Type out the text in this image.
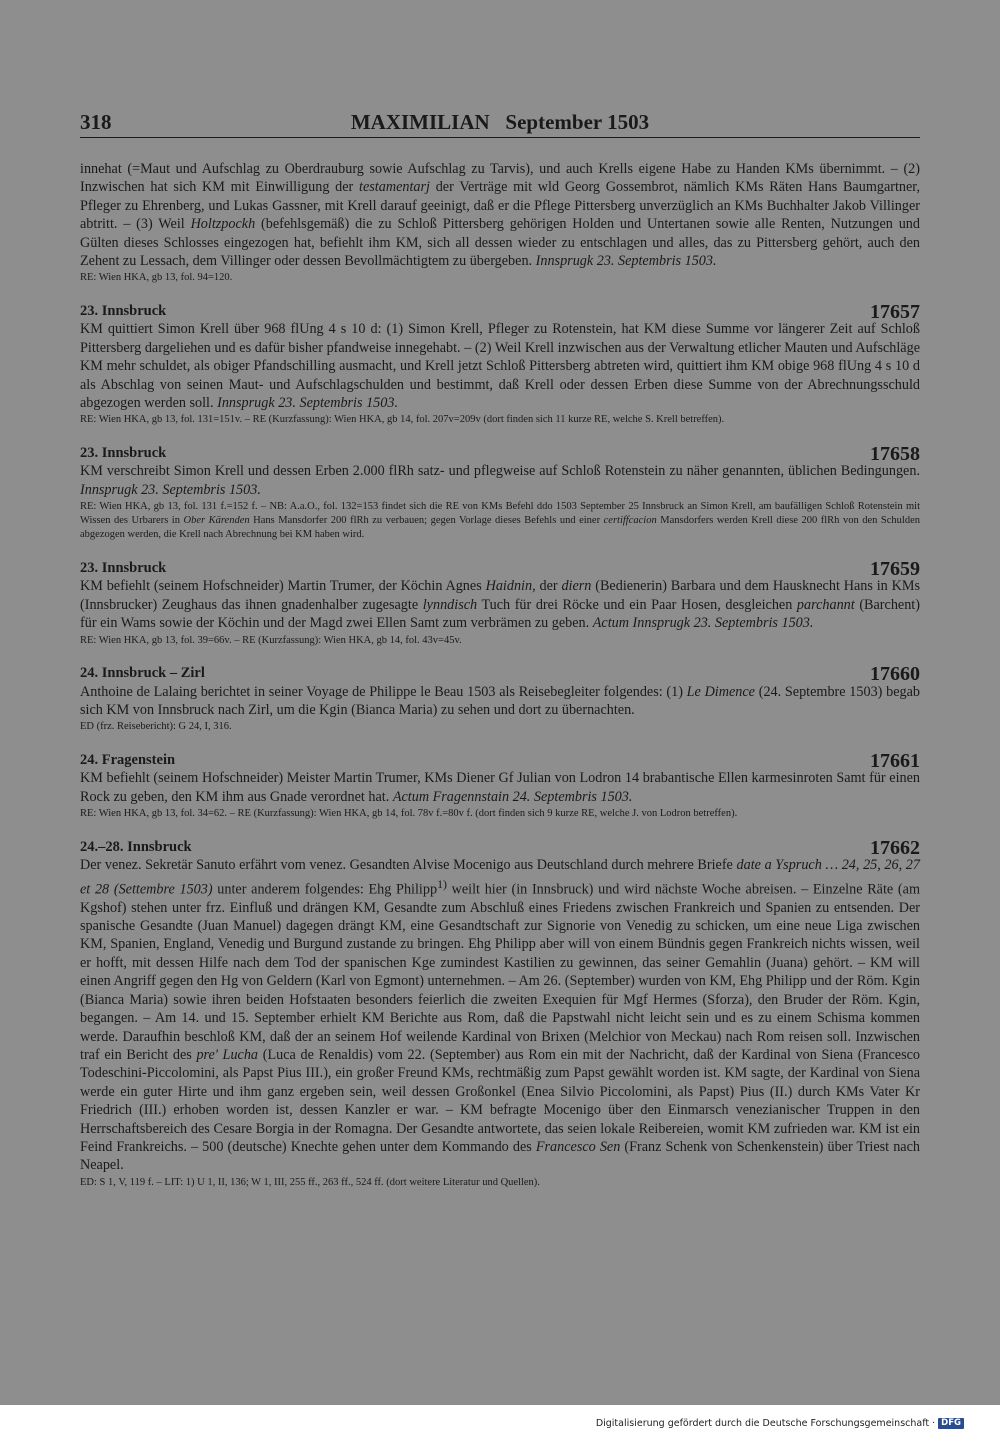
318	MAXIMILIAN   September 1503

innehat (=Maut und Aufschlag zu Oberdrauburg sowie Aufschlag zu Tarvis), und auch Krells eigene Habe zu Handen KMs übernimmt. – (2) Inzwischen hat sich KM mit Einwilligung der testamentarj der Verträge mit wld Georg Gossembrot, nämlich KMs Räten Hans Baumgartner, Pfleger zu Ehrenberg, und Lukas Gassner, mit Krell darauf geeinigt, daß er die Pflege Pittersberg unverzüglich an KMs Buchhalter Jakob Villinger abtritt. – (3) Weil Holtzpockh (befehlsgemäß) die zu Schloß Pittersberg gehörigen Holden und Untertanen sowie alle Renten, Nutzungen und Gülten dieses Schlosses eingezogen hat, befiehlt ihm KM, sich all dessen wieder zu entschlagen und alles, das zu Pittersberg gehört, auch den Zehent zu Lessach, dem Villinger oder dessen Bevollmächtigtem zu übergeben. Innsprugk 23. Septembris 1503.

RE: Wien HKA, gb 13, fol. 94=120.

23. Innsbruck	17657

KM quittiert Simon Krell über 968 flUng 4 s 10 d: (1) Simon Krell, Pfleger zu Rotenstein, hat KM diese Summe vor längerer Zeit auf Schloß Pittersberg dargeliehen und es dafür bisher pfandweise innegehabt. – (2) Weil Krell inzwischen aus der Verwaltung etlicher Mauten und Aufschläge KM mehr schuldet, als obiger Pfandschilling ausmacht, und Krell jetzt Schloß Pittersberg abtreten wird, quittiert ihm KM obige 968 flUng 4 s 10 d als Abschlag von seinen Maut- und Aufschlagschulden und bestimmt, daß Krell oder dessen Erben diese Summe von der Abrechnungsschuld abgezogen werden soll. Innsprugk 23. Septembris 1503.

RE: Wien HKA, gb 13, fol. 131=151v. – RE (Kurzfassung): Wien HKA, gb 14, fol. 207v=209v (dort finden sich 11 kurze RE, welche S. Krell betreffen).

23. Innsbruck	17658

KM verschreibt Simon Krell und dessen Erben 2.000 flRh satz- und pflegweise auf Schloß Rotenstein zu näher genannten, üblichen Bedingungen. Innsprugk 23. Septembris 1503.

RE: Wien HKA, gb 13, fol. 131 f.=152 f. – NB: A.a.O., fol. 132=153 findet sich die RE von KMs Befehl ddo 1503 September 25 Innsbruck an Simon Krell, am baufälligen Schloß Rotenstein mit Wissen des Urbarers in Ober Kärenden Hans Mansdorfer 200 flRh zu verbauen; gegen Vorlage dieses Befehls und einer certiffcacion Mansdorfers werden Krell diese 200 flRh von den Schulden abgezogen werden, die Krell nach Abrechnung bei KM haben wird.

23. Innsbruck	17659

KM befiehlt (seinem Hofschneider) Martin Trumer, der Köchin Agnes Haidnin, der diern (Bedienerin) Barbara und dem Hausknecht Hans in KMs (Innsbrucker) Zeughaus das ihnen gnadenhalber zugesagte lynndisch Tuch für drei Röcke und ein Paar Hosen, desgleichen parchannt (Barchent) für ein Wams sowie der Köchin und der Magd zwei Ellen Samt zum verbrämen zu geben. Actum Innsprugk 23. Septembris 1503.

RE: Wien HKA, gb 13, fol. 39=66v. – RE (Kurzfassung): Wien HKA, gb 14, fol. 43v=45v.

24. Innsbruck – Zirl	17660

Anthoine de Lalaing berichtet in seiner Voyage de Philippe le Beau 1503 als Reisebegleiter folgendes: (1) Le Dimence (24. Septembre 1503) begab sich KM von Innsbruck nach Zirl, um die Kgin (Bianca Maria) zu sehen und dort zu übernachten.

ED (frz. Reisebericht): G 24, I, 316.

24. Fragenstein	17661

KM befiehlt (seinem Hofschneider) Meister Martin Trumer, KMs Diener Gf Julian von Lodron 14 brabantische Ellen karmesinroten Samt für einen Rock zu geben, den KM ihm aus Gnade verordnet hat. Actum Fragennstain 24. Septembris 1503.

RE: Wien HKA, gb 13, fol. 34=62. – RE (Kurzfassung): Wien HKA, gb 14, fol. 78v f.=80v f. (dort finden sich 9 kurze RE, welche J. von Lodron betreffen).

24.–28. Innsbruck	17662

Der venez. Sekretär Sanuto erfährt vom venez. Gesandten Alvise Mocenigo aus Deutschland durch mehrere Briefe date a Yspruch … 24, 25, 26, 27 et 28 (Settembre 1503) unter anderem folgendes: Ehg Philipp$^{1)}$ weilt hier (in Innsbruck) und wird nächste Woche abreisen. – Einzelne Räte (am Kgshof) stehen unter frz. Einfluß und drängen KM, Gesandte zum Abschluß eines Friedens zwischen Frankreich und Spanien zu entsenden. Der spanische Gesandte (Juan Manuel) dagegen drängt KM, eine Gesandtschaft zur Signorie von Venedig zu schicken, um eine neue Liga zwischen KM, Spanien, England, Venedig und Burgund zustande zu bringen. Ehg Philipp aber will von einem Bündnis gegen Frankreich nichts wissen, weil er hofft, mit dessen Hilfe nach dem Tod der spanischen Kge zumindest Kastilien zu gewinnen, das seiner Gemahlin (Juana) gehört. – KM will einen Angriff gegen den Hg von Geldern (Karl von Egmont) unternehmen. – Am 26. (September) wurden von KM, Ehg Philipp und der Röm. Kgin (Bianca Maria) sowie ihren beiden Hofstaaten besonders feierlich die zweiten Exequien für Mgf Hermes (Sforza), den Bruder der Röm. Kgin, begangen. – Am 14. und 15. September erhielt KM Berichte aus Rom, daß die Papstwahl nicht leicht sein und es zu einem Schisma kommen werde. Daraufhin beschloß KM, daß der an seinem Hof weilende Kardinal von Brixen (Melchior von Meckau) nach Rom reisen soll. Inzwischen traf ein Bericht des pre' Lucha (Luca de Renaldis) vom 22. (September) aus Rom ein mit der Nachricht, daß der Kardinal von Siena (Francesco Todeschini-Piccolomini, als Papst Pius III.), ein großer Freund KMs, rechtmäßig zum Papst gewählt worden ist. KM sagte, der Kardinal von Siena werde ein guter Hirte und ihm ganz ergeben sein, weil dessen Großonkel (Enea Silvio Piccolomini, als Papst) Pius (II.) durch KMs Vater Kr Friedrich (III.) erhoben worden ist, dessen Kanzler er war. – KM befragte Mocenigo über den Einmarsch venezianischer Truppen in den Herrschaftsbereich des Cesare Borgia in der Romagna. Der Gesandte antwortete, das seien lokale Reibereien, womit KM zufrieden war. KM ist ein Feind Frankreichs. – 500 (deutsche) Knechte gehen unter dem Kommando des Francesco Sen (Franz Schenk von Schenkenstein) über Triest nach Neapel.

ED: S 1, V, 119 f. – LIT: 1) U 1, II, 136; W 1, III, 255 ff., 263 ff., 524 ff. (dort weitere Literatur und Quellen).

Digitalisierung gefördert durch die Deutsche Forschungsgemeinschaft · DFG
